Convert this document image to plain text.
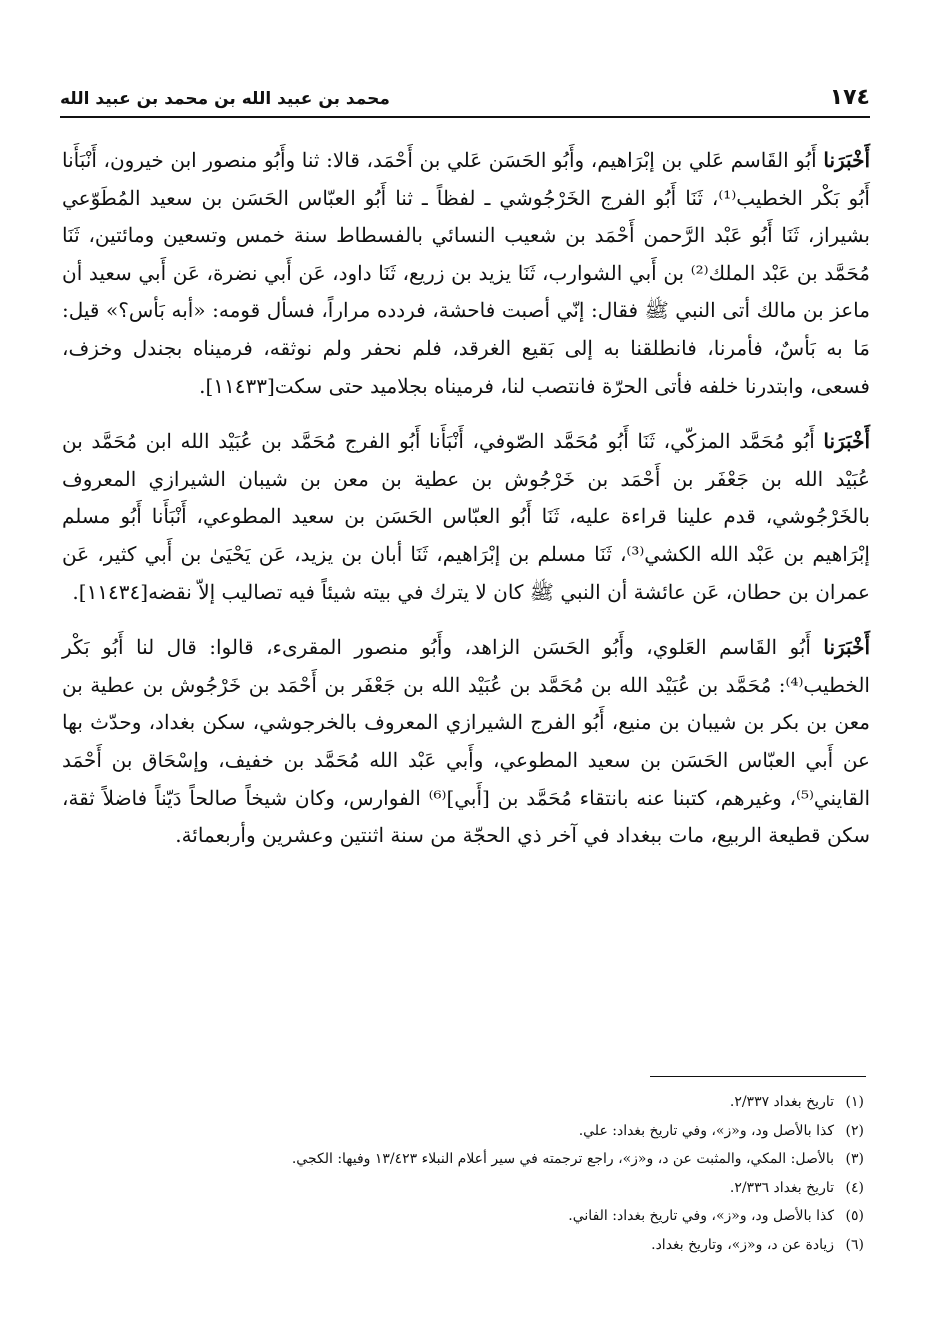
١٧٤
محمد بن عبيد الله بن محمد بن عبيد الله

أَخْبَرَنا أَبُو القَاسم عَلي بن إبْرَاهيم، وأَبُو الحَسَن عَلي بن أَحْمَد، قالا: ثنا وأَبُو منصور ابن خيرون، أَنْبَأَنا أَبُو بَكْر الخطيب⁽¹⁾، ثَنَا أَبُو الفرج الخَرْجُوشي ـ لفظاً ـ ثنا أَبُو العبّاس الحَسَن بن سعيد المُطَوّعي بشيراز، ثَنَا أَبُو عَبْد الرَّحمن أَحْمَد بن شعيب النسائي بالفسطاط سنة خمس وتسعين ومائتين، ثَنَا مُحَمَّد بن عَبْد الملك⁽²⁾ بن أَبي الشوارب، ثَنَا يزيد بن زريع، ثَنَا داود، عَن أَبي نضرة، عَن أَبي سعيد أن ماعز بن مالك أتى النبي ﷺ فقال: إنّي أصبت فاحشة، فردده مراراً، فسأل قومه: «أبه بَأس؟» قيل: مَا به بَأسٌ، فأمرنا، فانطلقنا به إلى بَقيع الغرقد، فلم نحفر ولم نوثقه، فرميناه بجندل وخزف، فسعى، وابتدرنا خلفه فأتى الحرّة فانتصب لنا، فرميناه بجلاميد حتى سكت[١١٤٣٣].

أَخْبَرَنا أَبُو مُحَمَّد المزكّي، ثَنَا أَبُو مُحَمَّد الصّوفي، أَنْبَأَنا أَبُو الفرج مُحَمَّد بن عُبَيْد الله ابن مُحَمَّد بن عُبَيْد الله بن جَعْفَر بن أَحْمَد بن خَرْجُوش بن عطية بن معن بن شيبان الشيرازي المعروف بالخَرْجُوشي، قدم علينا قراءة عليه، ثَنَا أَبُو العبّاس الحَسَن بن سعيد المطوعي، أَنْبَأَنا أَبُو مسلم إبْرَاهيم بن عَبْد الله الكشي⁽³⁾، ثَنَا مسلم بن إبْرَاهيم، ثَنَا أبان بن يزيد، عَن يَحْيَىٰ بن أَبي كثير، عَن عمران بن حطان، عَن عائشة أن النبي ﷺ كان لا يترك في بيته شيئاً فيه تصاليب إلاّ نقضه[١١٤٣٤].

أَخْبَرَنا أَبُو القَاسم العَلوي، وأَبُو الحَسَن الزاهد، وأَبُو منصور المقرىء، قالوا: قال لنا أَبُو بَكْر الخطيب⁽⁴⁾: مُحَمَّد بن عُبَيْد الله بن مُحَمَّد بن عُبَيْد الله بن جَعْفَر بن أَحْمَد بن خَرْجُوش بن عطية بن معن بن بكر بن شيبان بن منيع، أَبُو الفرج الشيرازي المعروف بالخرجوشي، سكن بغداد، وحدّث بها عن أَبي العبّاس الحَسَن بن سعيد المطوعي، وأَبي عَبْد الله مُحَمَّد بن خفيف، وإسْحَاق بن أَحْمَد القايني⁽⁵⁾، وغيرهم، كتبنا عنه بانتقاء مُحَمَّد بن [أَبي]⁽⁶⁾ الفوارس، وكان شيخاً صالحاً دَيّناً فاضلاً ثقة، سكن قطيعة الربيع، مات ببغداد في آخر ذي الحجّة من سنة اثنتين وعشرين وأربعمائة.

(١)
تاريخ بغداد ٢/٣٣٧.
(٢)
كذا بالأصل ود، و«ز»، وفي تاريخ بغداد: علي.
(٣)
بالأصل: المكي، والمثبت عن د، و«ز»، راجع ترجمته في سير أعلام النبلاء ١٣/٤٢٣ وفيها: الكجي.
(٤)
تاريخ بغداد ٢/٣٣٦.
(٥)
كذا بالأصل ود، و«ز»، وفي تاريخ بغداد: الفاني.
(٦)
زيادة عن د، و«ز»، وتاريخ بغداد.
